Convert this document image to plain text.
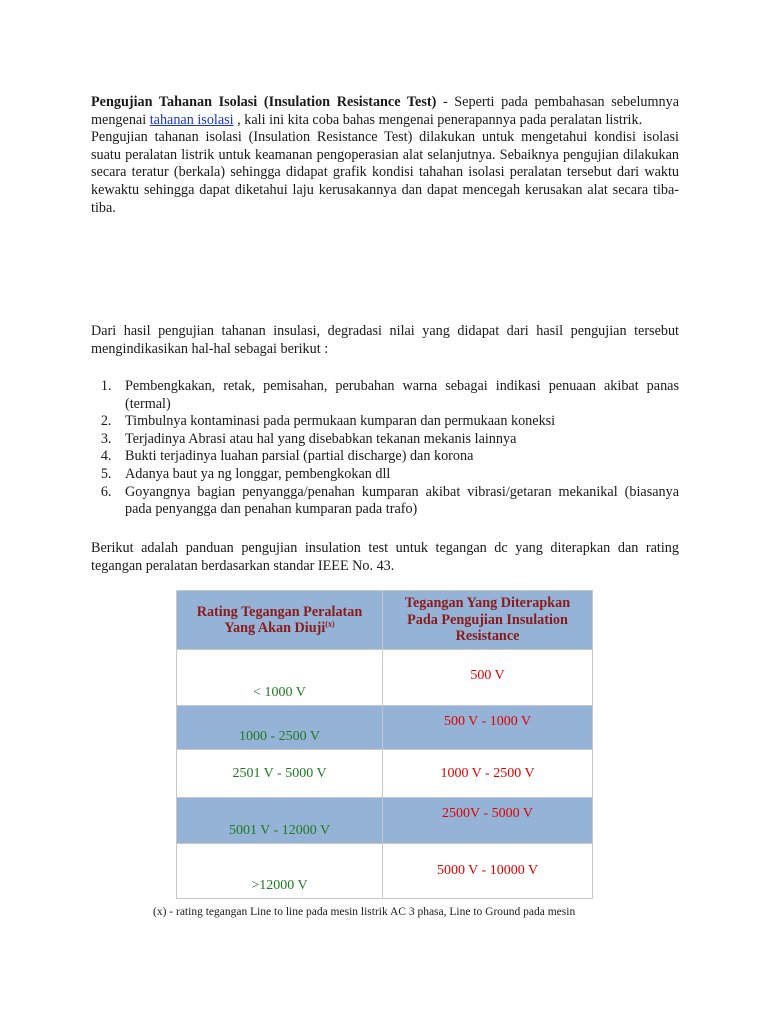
Pengujian Tahanan Isolasi (Insulation Resistance Test) - Seperti pada pembahasan sebelumnya mengenai tahanan isolasi , kali ini kita coba bahas mengenai penerapannya pada peralatan listrik.

Pengujian tahanan isolasi (Insulation Resistance Test) dilakukan untuk mengetahui kondisi isolasi suatu peralatan listrik untuk keamanan pengoperasian alat selanjutnya. Sebaiknya pengujian dilakukan secara teratur (berkala) sehingga didapat grafik kondisi tahahan isolasi peralatan tersebut dari waktu kewaktu sehingga dapat diketahui laju kerusakannya dan dapat mencegah kerusakan alat secara tiba-tiba.

Dari hasil pengujian tahanan insulasi, degradasi nilai yang didapat dari hasil pengujian tersebut mengindikasikan hal-hal sebagai berikut :

1. Pembengkakan, retak, pemisahan, perubahan warna sebagai indikasi penuaan akibat panas (termal)
2. Timbulnya kontaminasi pada permukaan kumparan dan permukaan koneksi
3. Terjadinya Abrasi atau hal yang disebabkan tekanan mekanis lainnya
4. Bukti terjadinya luahan parsial (partial discharge) dan korona
5. Adanya baut ya ng longgar, pembengkokan dll
6. Goyangnya bagian penyangga/penahan kumparan akibat vibrasi/getaran mekanikal (biasanya pada penyangga dan penahan kumparan pada trafo)

Berikut adalah panduan pengujian insulation test untuk tegangan dc yang diterapkan dan rating tegangan peralatan berdasarkan standar IEEE No. 43.

Rating Tegangan Peralatan Yang Akan Diuji$^{(x)}$	Tegangan Yang Diterapkan Pada Pengujian Insulation Resistance
< 1000 V	500 V
1000 - 2500 V	500 V - 1000 V
2501 V - 5000 V	1000 V - 2500 V
5001 V - 12000 V	2500V - 5000 V
>12000 V	5000 V - 10000 V
(x) - rating tegangan Line to line pada mesin listrik AC 3 phasa, Line to Ground pada mesin
